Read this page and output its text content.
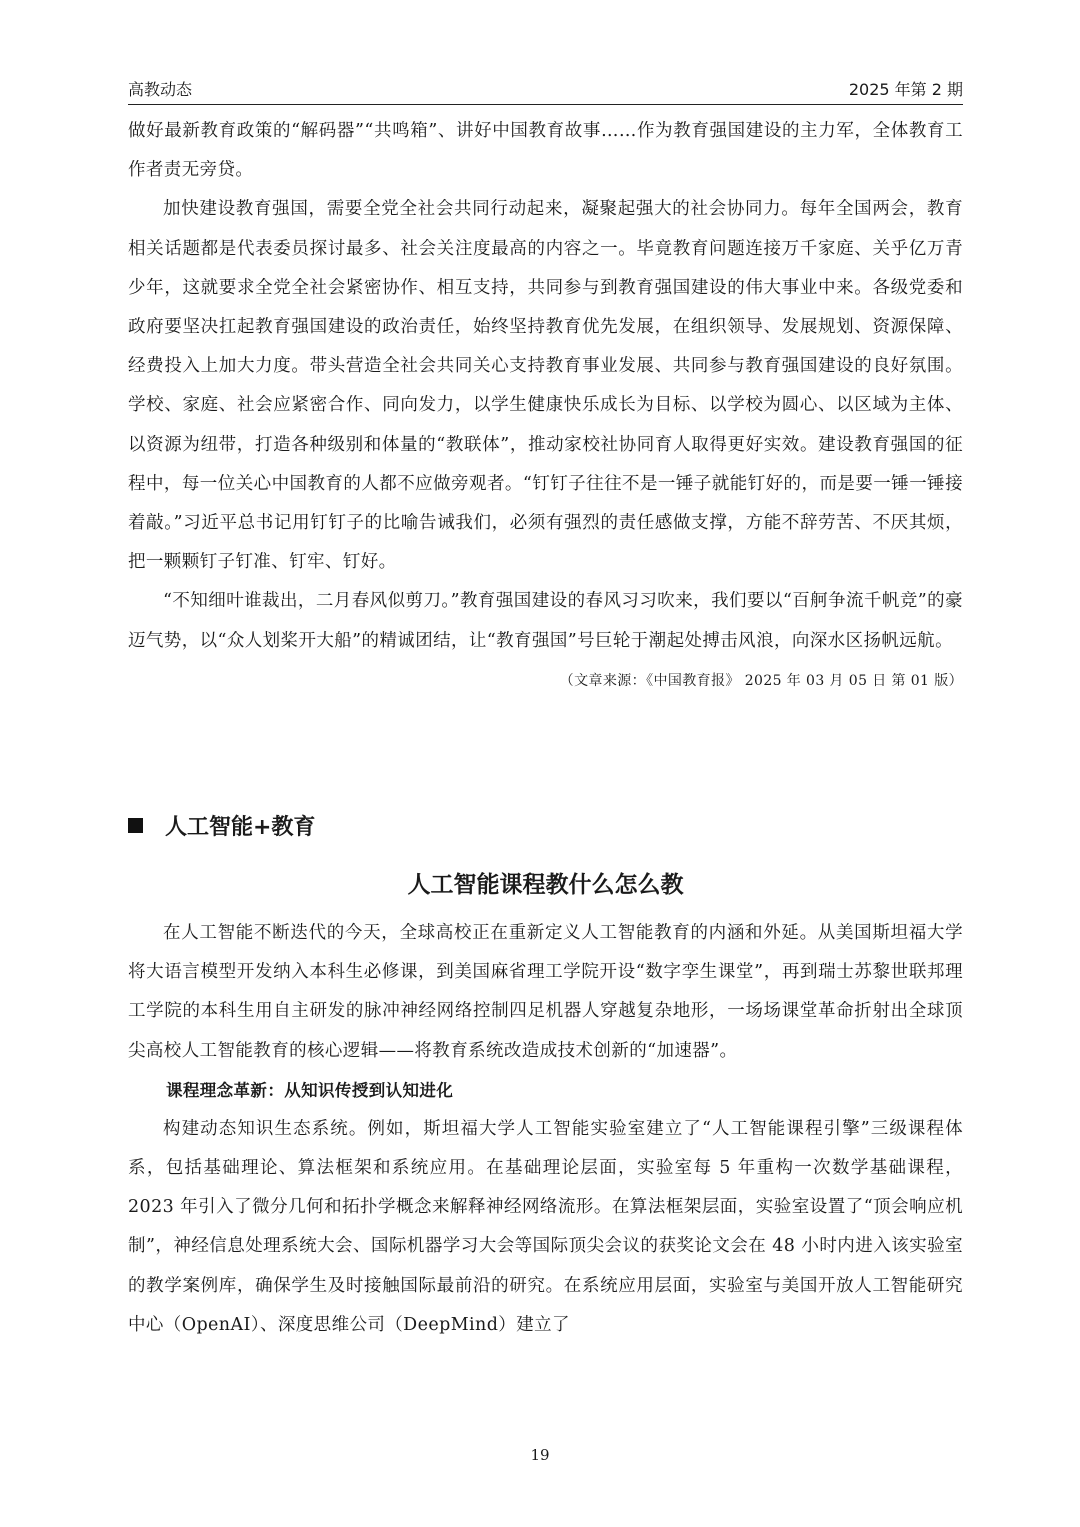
高教动态	2025 年第 2 期

做好最新教育政策的“解码器”“共鸣箱”、讲好中国教育故事……作为教育强国建设的主力军，全体教育工作者责无旁贷。

加快建设教育强国，需要全党全社会共同行动起来，凝聚起强大的社会协同力。每年全国两会，教育相关话题都是代表委员探讨最多、社会关注度最高的内容之一。毕竟教育问题连接万千家庭、关乎亿万青少年，这就要求全党全社会紧密协作、相互支持，共同参与到教育强国建设的伟大事业中来。各级党委和政府要坚决扛起教育强国建设的政治责任，始终坚持教育优先发展，在组织领导、发展规划、资源保障、经费投入上加大力度。带头营造全社会共同关心支持教育事业发展、共同参与教育强国建设的良好氛围。学校、家庭、社会应紧密合作、同向发力，以学生健康快乐成长为目标、以学校为圆心、以区域为主体、以资源为纽带，打造各种级别和体量的“教联体”，推动家校社协同育人取得更好实效。建设教育强国的征程中，每一位关心中国教育的人都不应做旁观者。“钉钉子往往不是一锤子就能钉好的，而是要一锤一锤接着敲。”习近平总书记用钉钉子的比喻告诫我们，必须有强烈的责任感做支撑，方能不辞劳苦、不厌其烦，把一颗颗钉子钉准、钉牢、钉好。

“不知细叶谁裁出，二月春风似剪刀。”教育强国建设的春风习习吹来，我们要以“百舸争流千帆竞”的豪迈气势，以“众人划桨开大船”的精诚团结，让“教育强国”号巨轮于潮起处搏击风浪，向深水区扬帆远航。

（文章来源：《中国教育报》 2025 年 03 月 05 日 第 01 版）
人工智能+教育
人工智能课程教什么怎么教

在人工智能不断迭代的今天，全球高校正在重新定义人工智能教育的内涵和外延。从美国斯坦福大学将大语言模型开发纳入本科生必修课，到美国麻省理工学院开设“数字孪生课堂”，再到瑞士苏黎世联邦理工学院的本科生用自主研发的脉冲神经网络控制四足机器人穿越复杂地形，一场场课堂革命折射出全球顶尖高校人工智能教育的核心逻辑——将教育系统改造成技术创新的“加速器”。

课程理念革新：从知识传授到认知进化

构建动态知识生态系统。例如，斯坦福大学人工智能实验室建立了“人工智能课程引擎”三级课程体系，包括基础理论、算法框架和系统应用。在基础理论层面，实验室每 5 年重构一次数学基础课程，2023 年引入了微分几何和拓扑学概念来解释神经网络流形。在算法框架层面，实验室设置了“顶会响应机制”，神经信息处理系统大会、国际机器学习大会等国际顶尖会议的获奖论文会在 48 小时内进入该实验室的教学案例库，确保学生及时接触国际最前沿的研究。在系统应用层面，实验室与美国开放人工智能研究中心（OpenAI）、深度思维公司（DeepMind）建立了

19
